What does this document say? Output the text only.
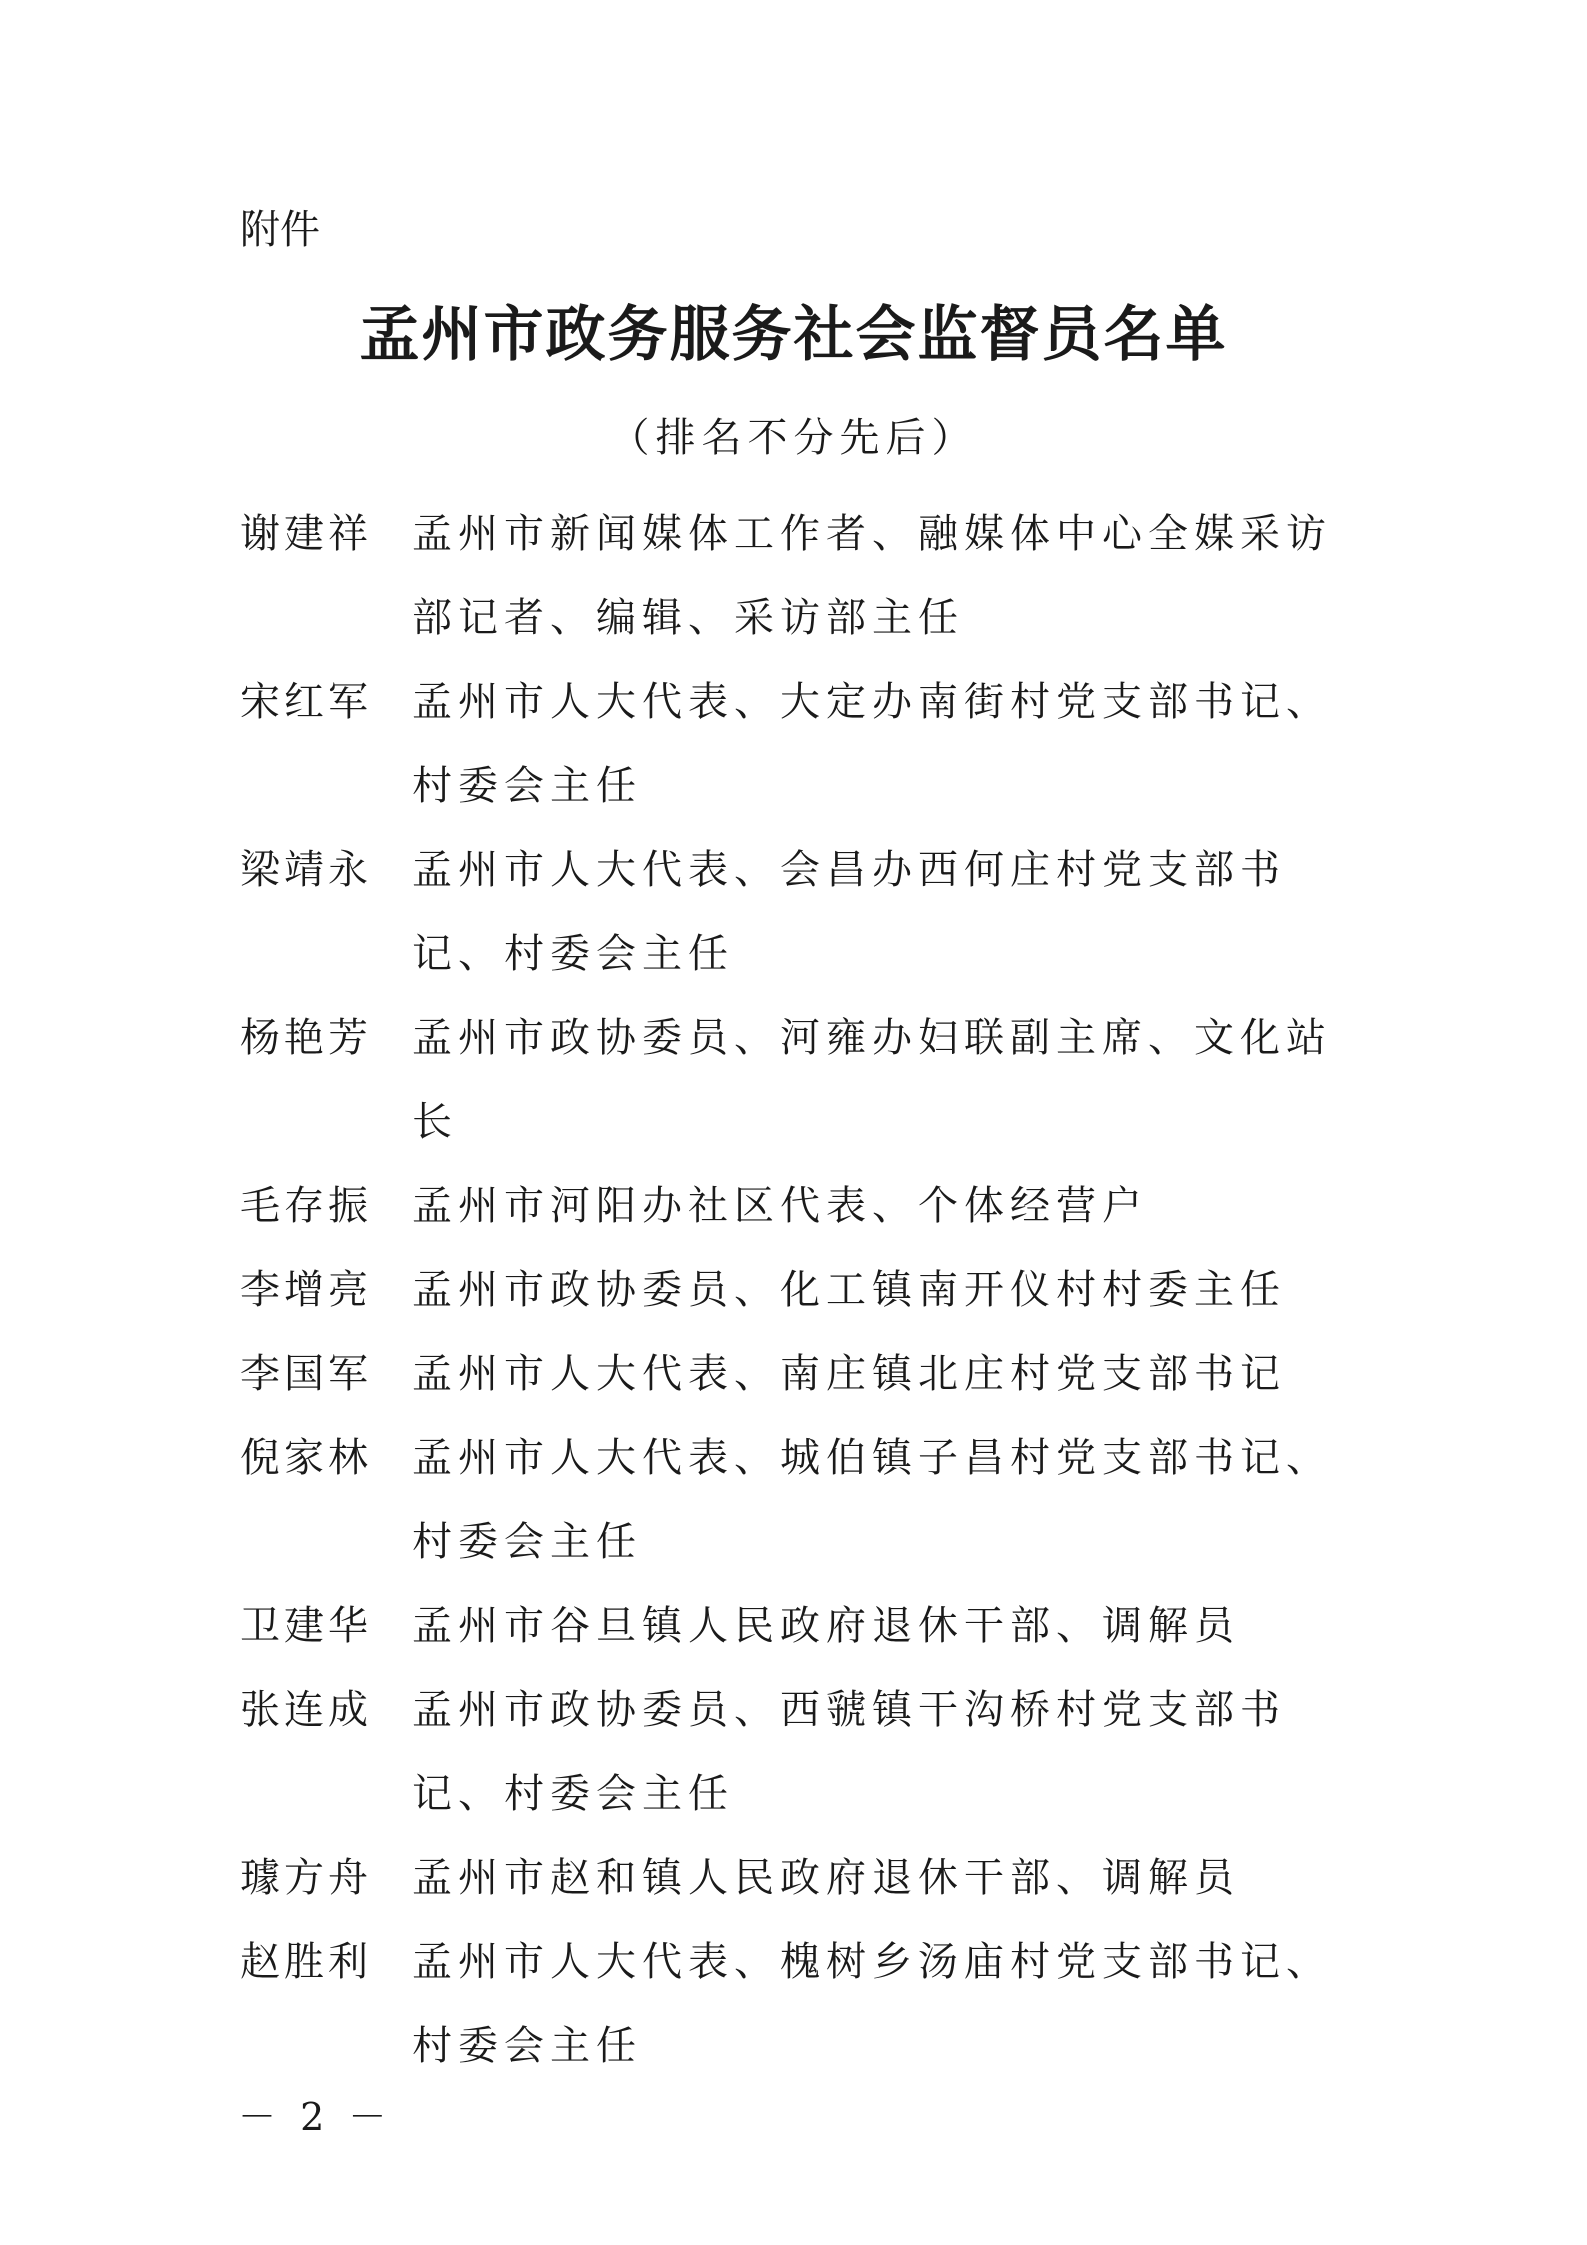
附件
孟州市政务服务社会监督员名单
（排名不分先后）
谢建祥	孟州市新闻媒体工作者、融媒体中心全媒采访部记者、编辑、采访部主任
宋红军	孟州市人大代表、大定办南街村党支部书记、村委会主任
梁靖永	孟州市人大代表、会昌办西何庄村党支部书记、村委会主任
杨艳芳	孟州市政协委员、河雍办妇联副主席、文化站长
毛存振	孟州市河阳办社区代表、个体经营户
李增亮	孟州市政协委员、化工镇南开仪村村委主任
李国军	孟州市人大代表、南庄镇北庄村党支部书记
倪家林	孟州市人大代表、城伯镇子昌村党支部书记、村委会主任
卫建华	孟州市谷旦镇人民政府退休干部、调解员
张连成	孟州市政协委员、西虢镇干沟桥村党支部书记、村委会主任
璩方舟	孟州市赵和镇人民政府退休干部、调解员
赵胜利	孟州市人大代表、槐树乡汤庙村党支部书记、村委会主任
－ 2 －
